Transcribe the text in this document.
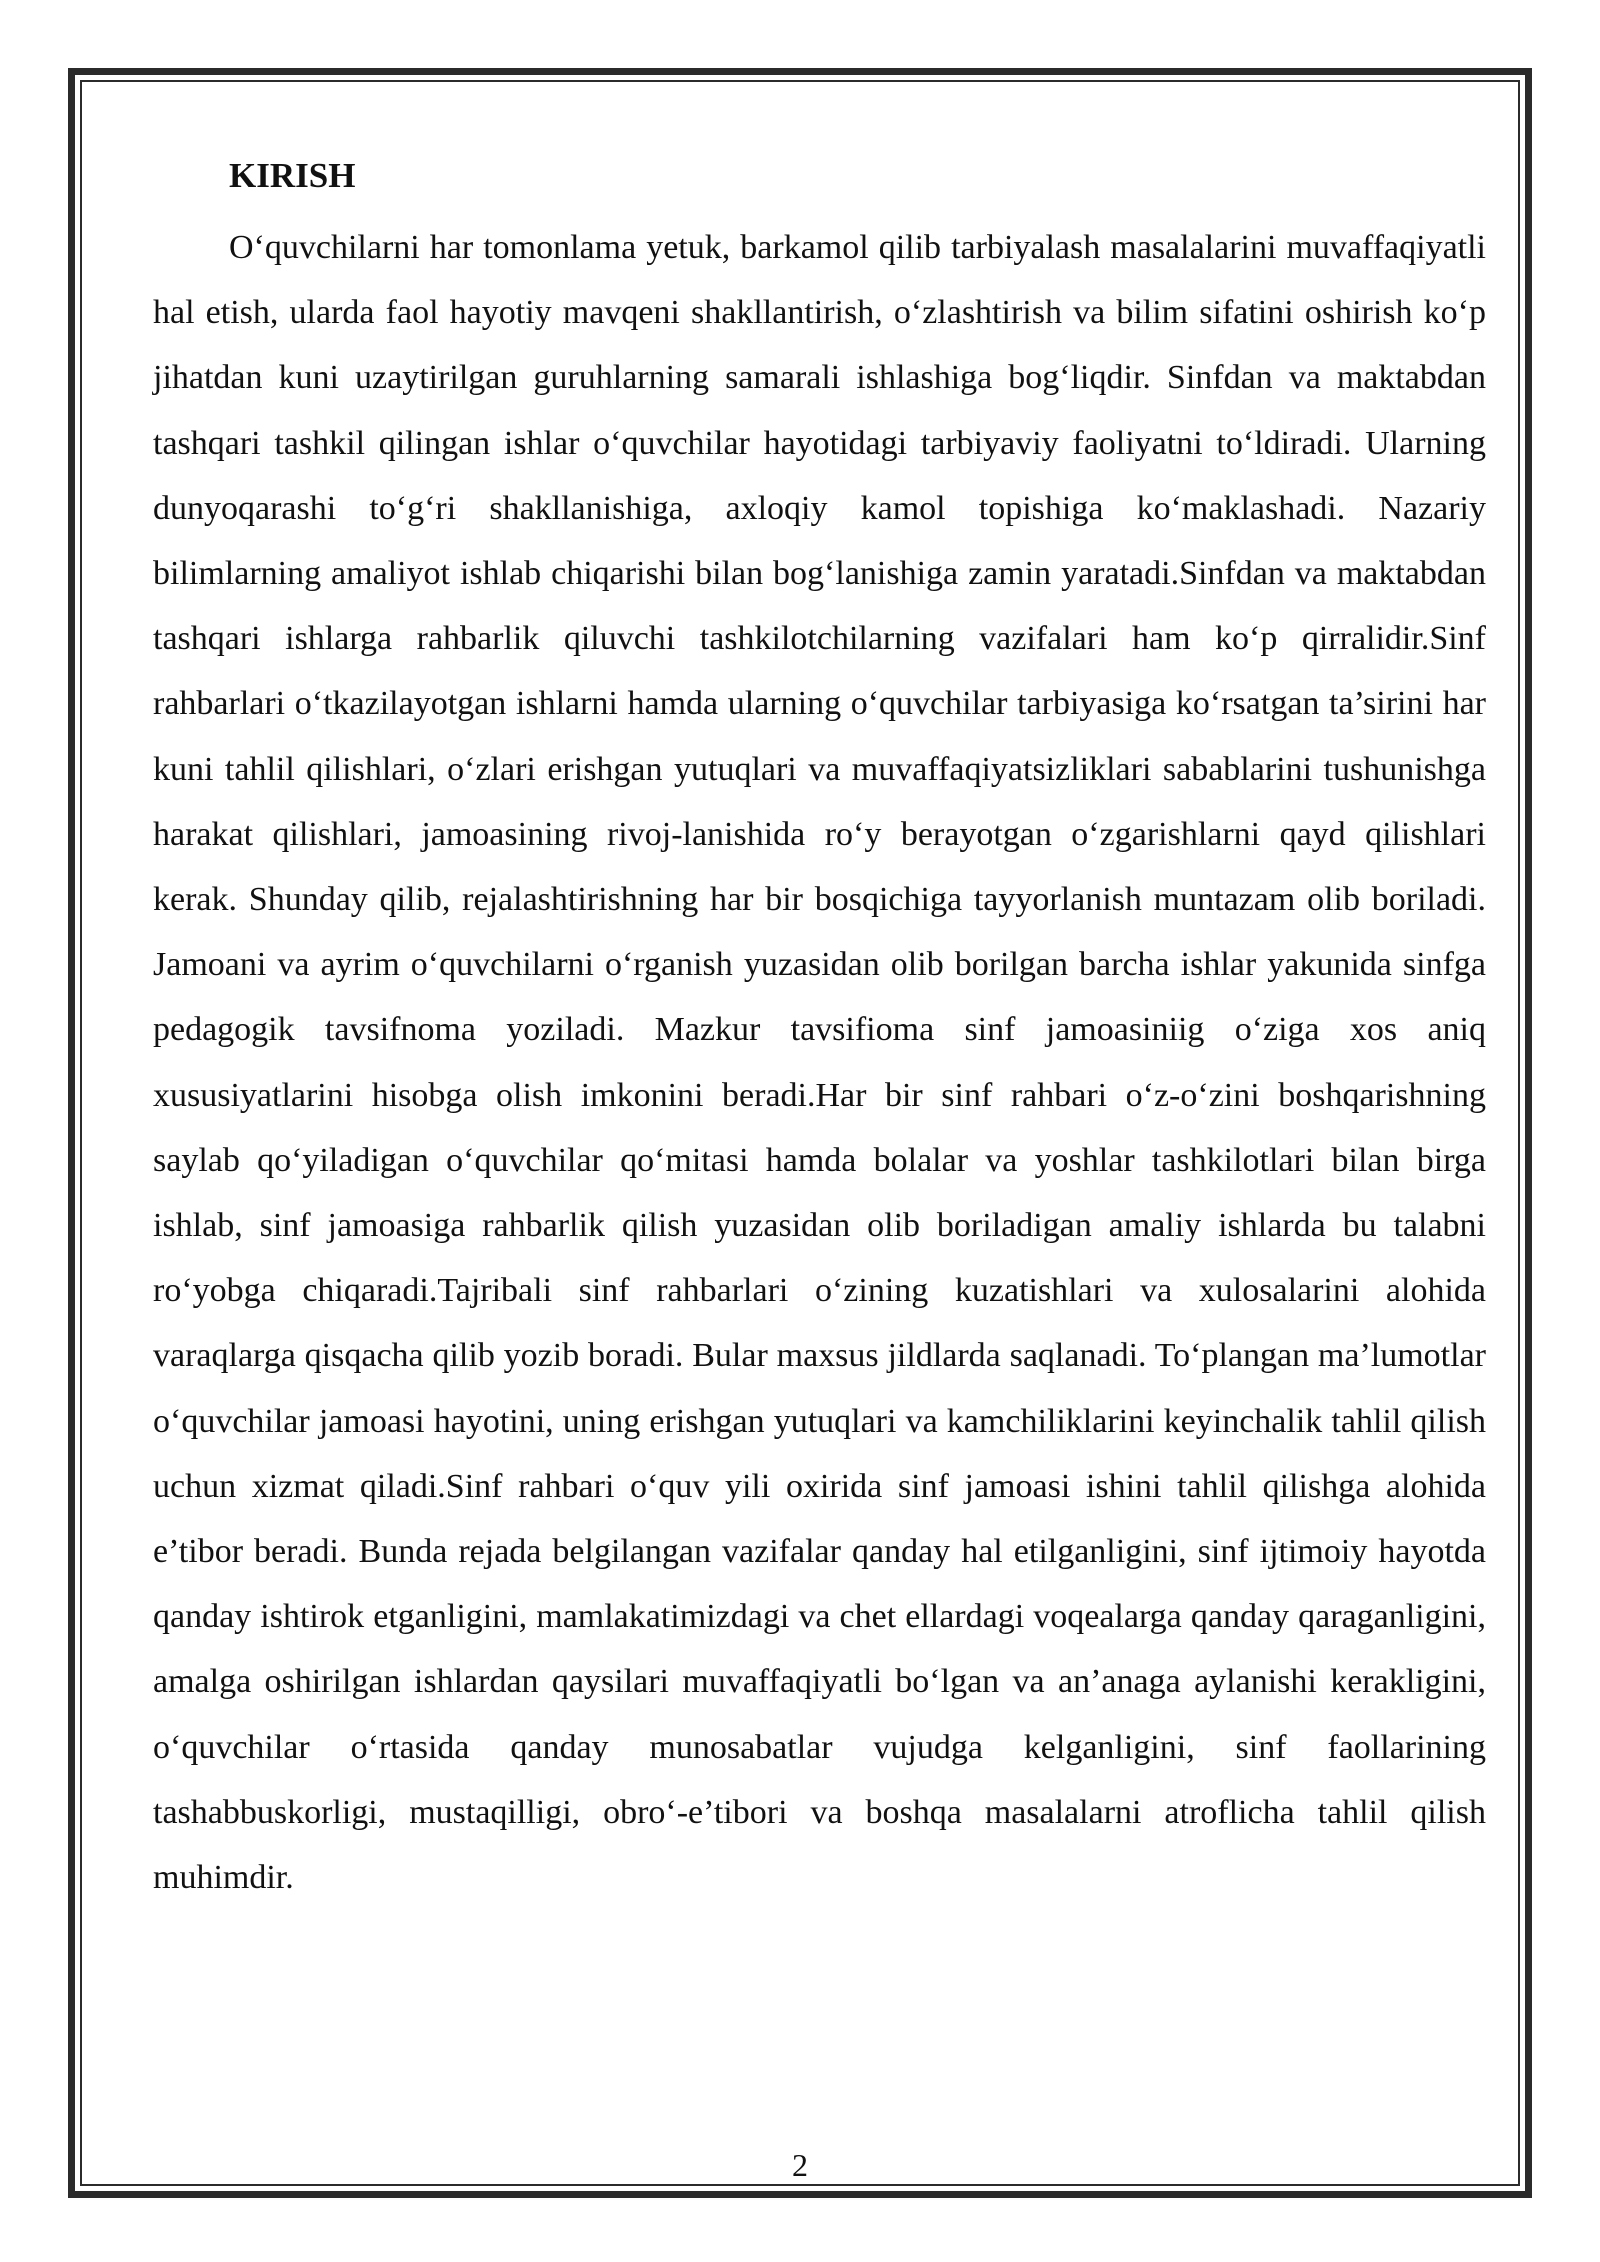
KIRISH

O‘quvchilarni har tomonlama yetuk, barkamol qilib tarbiyalash masalalarini muvaffaqiyatli hal etish, ularda faol hayotiy mavqeni shakllantirish, o‘zlashtirish va bilim sifatini oshirish ko‘p jihatdan kuni uzaytirilgan guruhlarning samarali ishlashiga bog‘liqdir. Sinfdan va maktabdan tashqari tashkil qilingan ishlar o‘quvchilar hayotidagi tarbiyaviy faoliyatni to‘ldiradi. Ularning dunyoqarashi to‘g‘ri shakllanishiga, axloqiy kamol topishiga ko‘maklashadi. Nazariy bilimlarning amaliyot ishlab chiqarishi bilan bog‘lanishiga zamin yaratadi.Sinfdan va maktabdan tashqari ishlarga rahbarlik qiluvchi tashkilotchilarning vazifalari ham ko‘p qirralidir.Sinf rahbarlari o‘tkazilayotgan ishlarni hamda ularning o‘quvchilar tarbiyasiga ko‘rsatgan ta’sirini har kuni tahlil qilishlari, o‘zlari erishgan yutuqlari va muvaffaqiyatsizliklari sabablarini tushunishga harakat qilishlari, jamoasining rivoj-lanishida ro‘y berayotgan o‘zgarishlarni qayd qilishlari kerak. Shunday qilib, rejalashtirishning har bir bosqichiga tayyorlanish muntazam olib boriladi. Jamoani va ayrim o‘quvchilarni o‘rganish yuzasidan olib borilgan barcha ishlar yakunida sinfga pedagogik tavsifnoma yoziladi. Mazkur tavsifioma sinf jamoasiniig o‘ziga xos aniq xususiyatlarini hisobga olish imkonini beradi.Har bir sinf rahbari o‘z-o‘zini boshqarishning saylab qo‘yiladigan o‘quvchilar qo‘mitasi hamda bolalar va yoshlar tashkilotlari bilan birga ishlab, sinf jamoasiga rahbarlik qilish yuzasidan olib boriladigan amaliy ishlarda bu talabni ro‘yobga chiqaradi.Tajribali sinf rahbarlari o‘zining kuzatishlari va xulosalarini alohida varaqlarga qisqacha qilib yozib boradi. Bular maxsus jildlarda saqlanadi. To‘plangan ma’lumotlar o‘quvchilar jamoasi hayotini, uning erishgan yutuqlari va kamchiliklarini keyinchalik tahlil qilish uchun xizmat qiladi.Sinf rahbari o‘quv yili oxirida sinf jamoasi ishini tahlil qilishga alohida e’tibor beradi. Bunda rejada belgilangan vazifalar qanday hal etilganligini, sinf ijtimoiy hayotda qanday ishtirok etganligini, mamlakatimizdagi va chet ellardagi voqealarga qanday qaraganligini, amalga oshirilgan ishlardan qaysilari muvaffaqiyatli bo‘lgan va an’anaga aylanishi kerakligini, o‘quvchilar o‘rtasida qanday munosabatlar vujudga kelganligini, sinf faollarining tashabbuskorligi, mustaqilligi, obro‘-e’tibori va boshqa masalalarni atroflicha tahlil qilish muhimdir.

2
